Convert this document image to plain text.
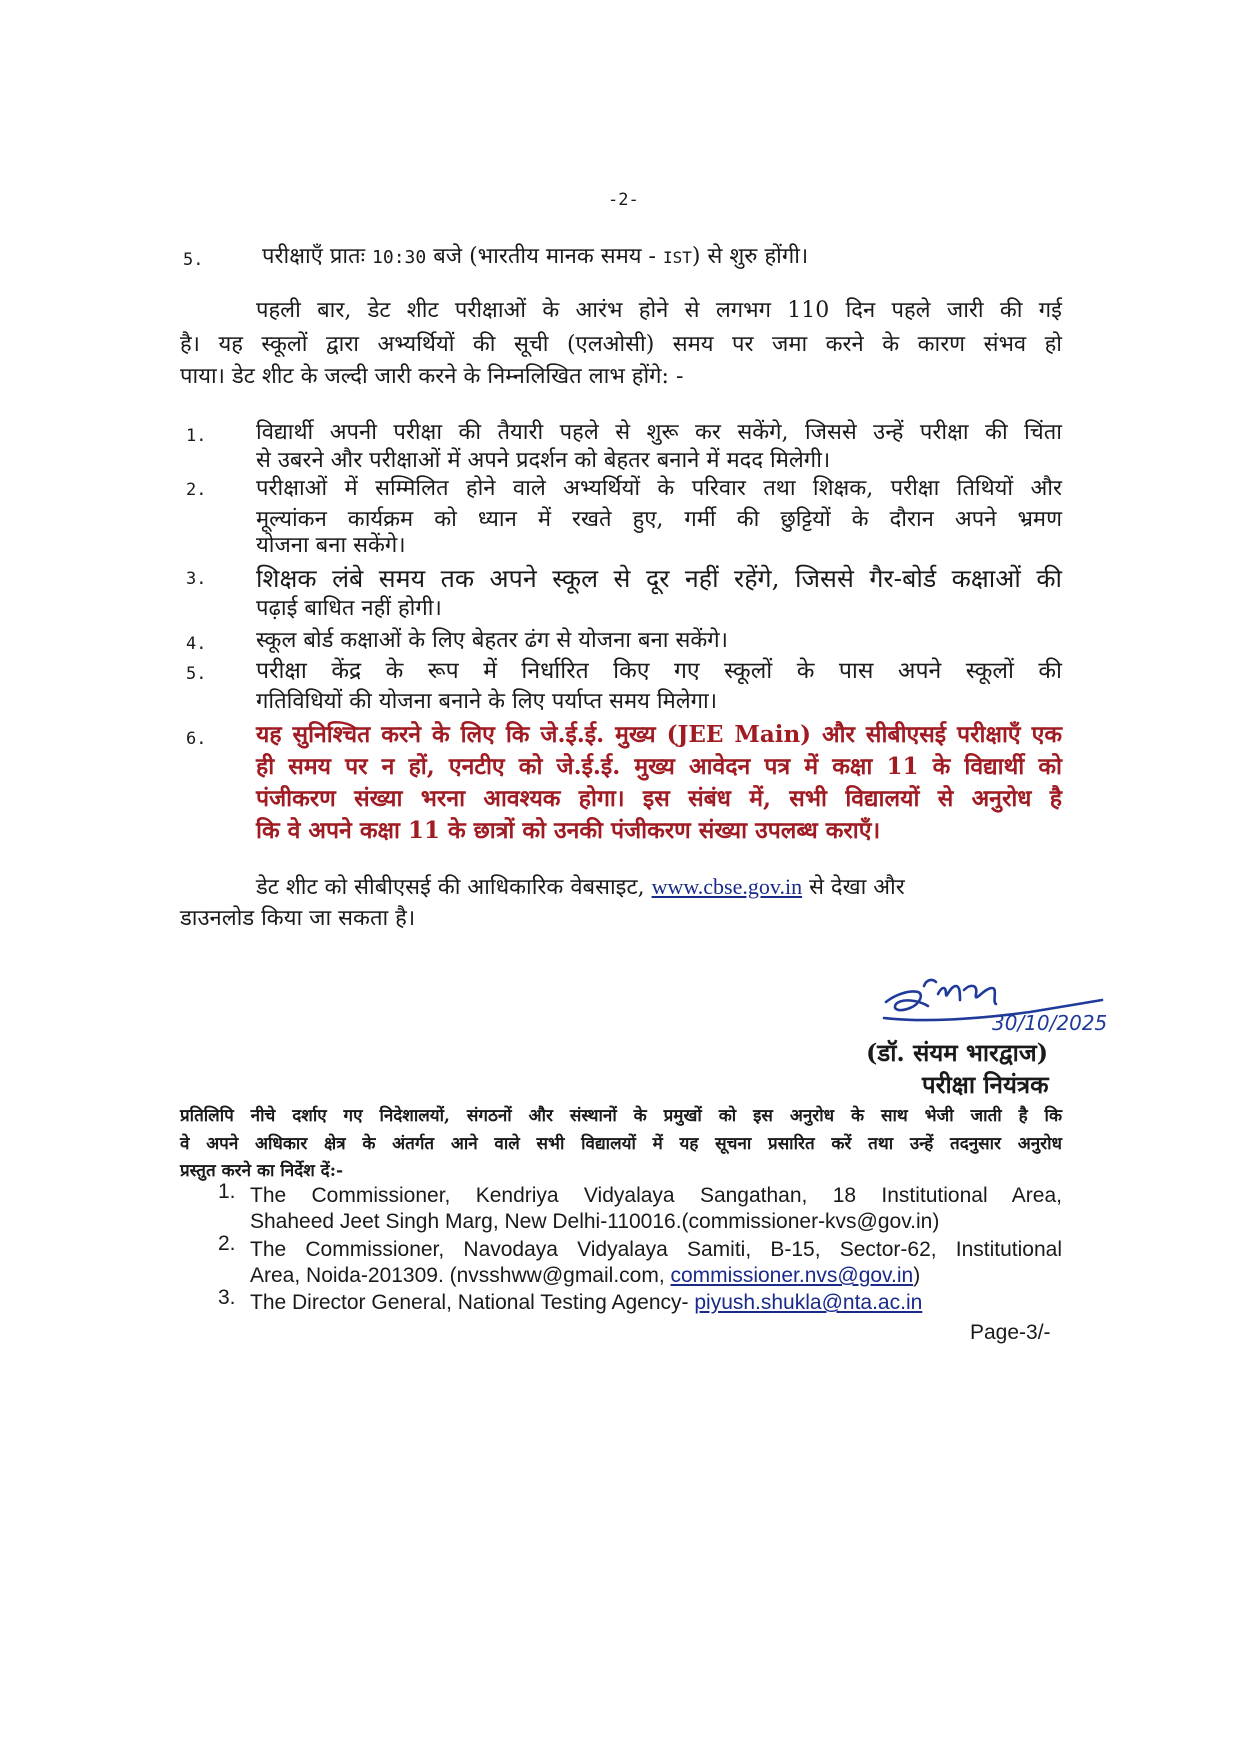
-2-
5.	परीक्षाएँ प्रातः 10:30 बजे (भारतीय मानक समय - IST) से शुरु होंगी।
पहली बार, डेट शीट परीक्षाओं के आरंभ होने से लगभग 110 दिन पहले जारी की गई
है। यह स्कूलों द्वारा अभ्यर्थियों की सूची (एलओसी) समय पर जमा करने के कारण संभव हो
पाया। डेट शीट के जल्दी जारी करने के निम्नलिखित लाभ होंगे: -
1. विद्यार्थी अपनी परीक्षा की तैयारी पहले से शुरू कर सकेंगे, जिससे उन्हें परीक्षा की चिंता
से उबरने और परीक्षाओं में अपने प्रदर्शन को बेहतर बनाने में मदद मिलेगी।
2. परीक्षाओं में सम्मिलित होने वाले अभ्यर्थियों के परिवार तथा शिक्षक, परीक्षा तिथियों और
मूल्यांकन कार्यक्रम को ध्यान में रखते हुए, गर्मी की छुट्टियों के दौरान अपने भ्रमण
योजना बना सकेंगे।
3. शिक्षक लंबे समय तक अपने स्कूल से दूर नहीं रहेंगे, जिससे गैर-बोर्ड कक्षाओं की
पढ़ाई बाधित नहीं होगी।
4. स्कूल बोर्ड कक्षाओं के लिए बेहतर ढंग से योजना बना सकेंगे।
5. परीक्षा केंद्र के रूप में निर्धारित किए गए स्कूलों के पास अपने स्कूलों की
गतिविधियों की योजना बनाने के लिए पर्याप्त समय मिलेगा।
6. यह सुनिश्चित करने के लिए कि जे.ई.ई. मुख्य (JEE Main) और सीबीएसई परीक्षाएँ एक
ही समय पर न हों, एनटीए को जे.ई.ई. मुख्य आवेदन पत्र में कक्षा 11 के विद्यार्थी को
पंजीकरण संख्या भरना आवश्यक होगा। इस संबंध में, सभी विद्यालयों से अनुरोध है
कि वे अपने कक्षा 11 के छात्रों को उनकी पंजीकरण संख्या उपलब्ध कराएँ।
डेट शीट को सीबीएसई की आधिकारिक वेबसाइट, www.cbse.gov.in से देखा और
डाउनलोड किया जा सकता है।
30/10/2025
(डॉ. संयम भारद्वाज)
परीक्षा नियंत्रक
प्रतिलिपि नीचे दर्शाए गए निदेशालयों, संगठनों और संस्थानों के प्रमुखों को इस अनुरोध के साथ भेजी जाती है कि
वे अपने अधिकार क्षेत्र के अंतर्गत आने वाले सभी विद्यालयों में यह सूचना प्रसारित करें तथा उन्हें तदनुसार अनुरोध
प्रस्तुत करने का निर्देश दें:-
1. The Commissioner, Kendriya Vidyalaya Sangathan, 18 Institutional Area,
Shaheed Jeet Singh Marg, New Delhi-110016.(commissioner-kvs@gov.in)
2. The Commissioner, Navodaya Vidyalaya Samiti, B-15, Sector-62, Institutional
Area, Noida-201309. (nvsshww@gmail.com, commissioner.nvs@gov.in)
3. The Director General, National Testing Agency- piyush.shukla@nta.ac.in
Page-3/-
